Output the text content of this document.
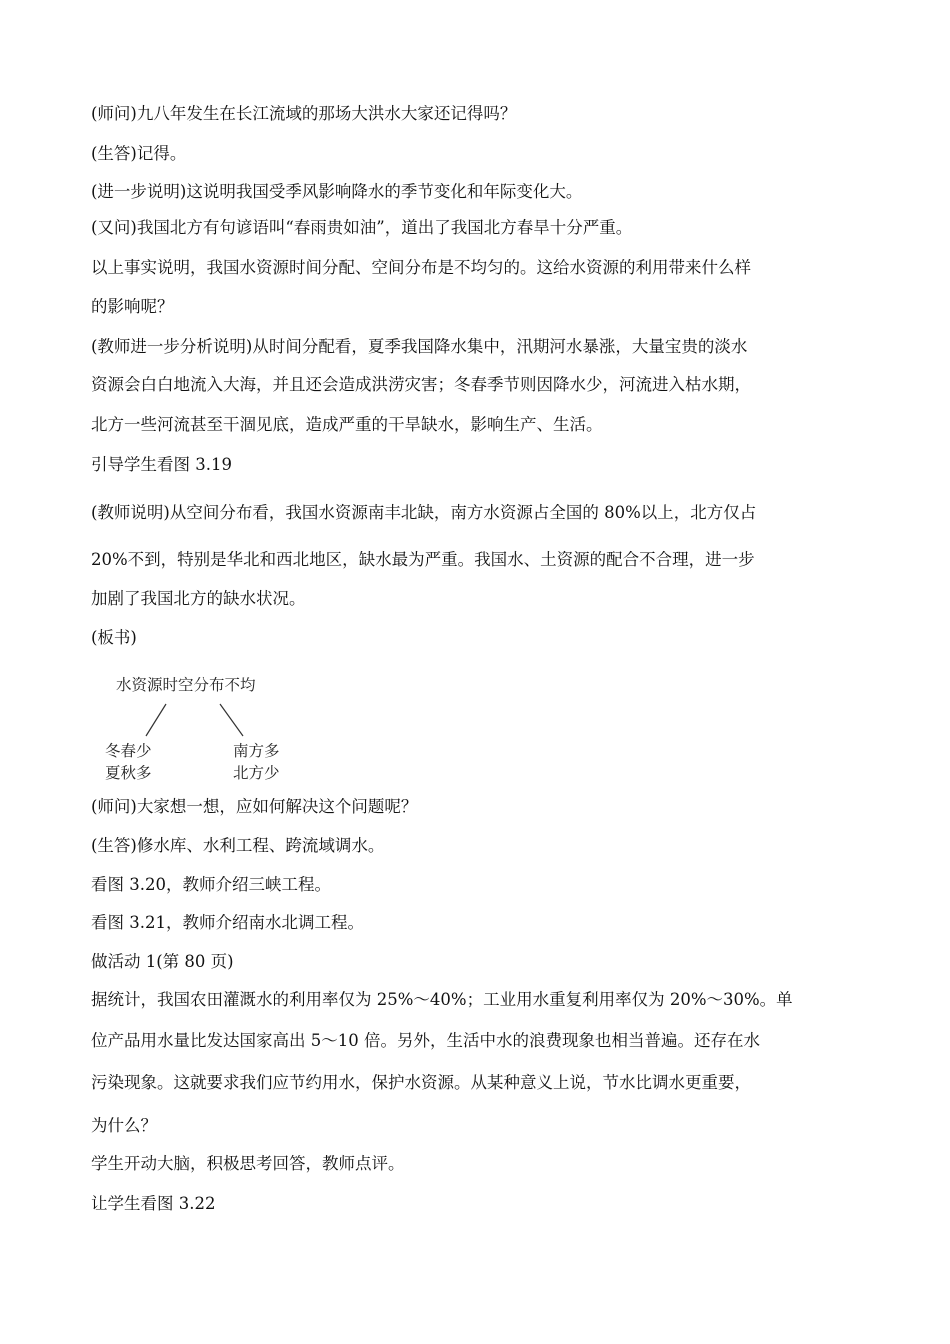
(师问)九八年发生在长江流域的那场大洪水大家还记得吗？
(生答)记得。
(进一步说明)这说明我国受季风影响降水的季节变化和年际变化大。
(又问)我国北方有句谚语叫“春雨贵如油”，道出了我国北方春旱十分严重。
以上事实说明，我国水资源时间分配、空间分布是不均匀的。这给水资源的利用带来什么样
的影响呢？
(教师进一步分析说明)从时间分配看，夏季我国降水集中，汛期河水暴涨，大量宝贵的淡水
资源会白白地流入大海，并且还会造成洪涝灾害；冬春季节则因降水少，河流进入枯水期，
北方一些河流甚至干涸见底，造成严重的干旱缺水，影响生产、生活。
引导学生看图 3.19
(教师说明)从空间分布看，我国水资源南丰北缺，南方水资源占全国的 80%以上，北方仅占
20%不到，特别是华北和西北地区，缺水最为严重。我国水、土资源的配合不合理，进一步
加剧了我国北方的缺水状况。
(板书)
水资源时空分布不均
冬春少
夏秋多
南方多
北方少
(师问)大家想一想，应如何解决这个问题呢？
(生答)修水库、水利工程、跨流域调水。
看图 3.20，教师介绍三峡工程。
看图 3.21，教师介绍南水北调工程。
做活动 1(第 80 页)
据统计，我国农田灌溉水的利用率仅为 25%～40%；工业用水重复利用率仅为 20%～30%。单
位产品用水量比发达国家高出 5～10 倍。另外，生活中水的浪费现象也相当普遍。还存在水
污染现象。这就要求我们应节约用水，保护水资源。从某种意义上说，节水比调水更重要，
为什么？
学生开动大脑，积极思考回答，教师点评。
让学生看图 3.22
